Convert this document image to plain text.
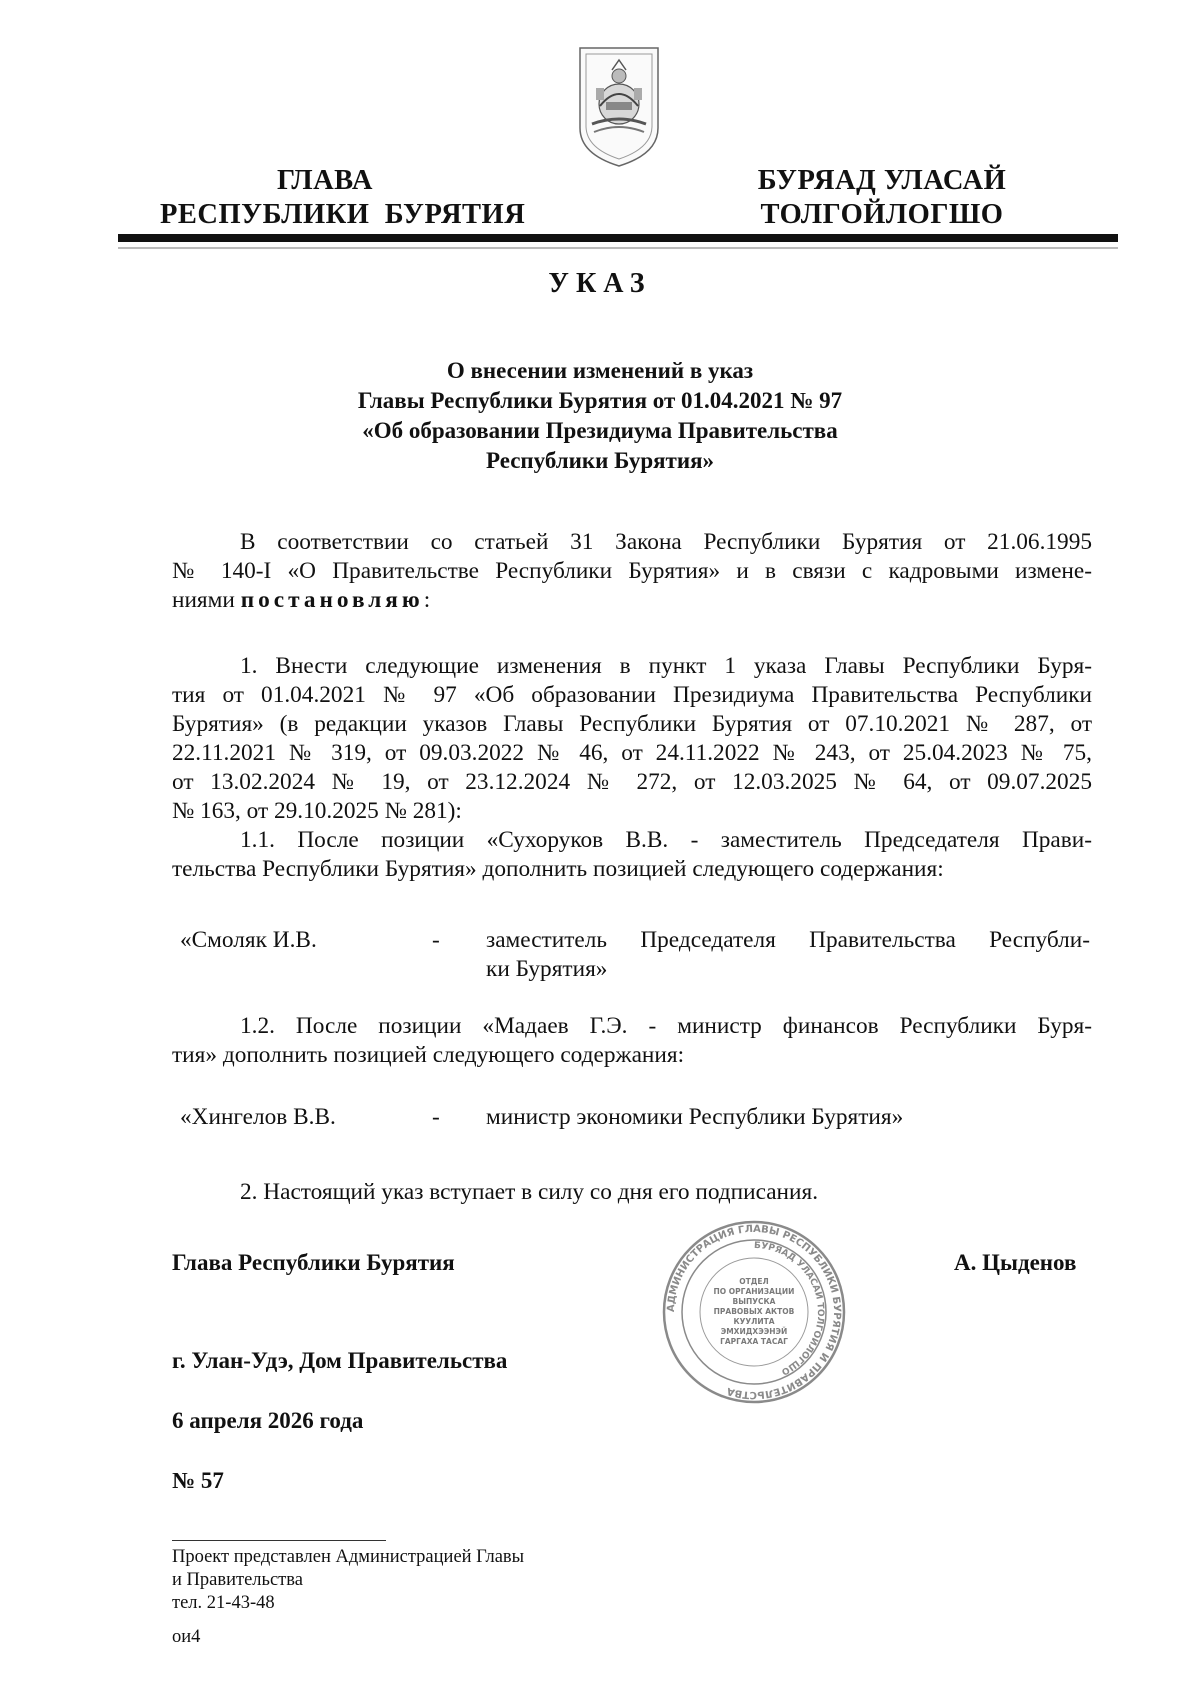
ГЛАВА
РЕСПУБЛИКИ  БУРЯТИЯ
БУРЯАД УЛАСАЙ
ТОЛГОЙЛОГШО
УКАЗ
О внесении изменений в указ
Главы Республики Бурятия от 01.04.2021 № 97
«Об образовании Президиума Правительства
Республики Бурятия»
В соответствии со статьей 31 Закона Республики Бурятия от 21.06.1995
№ 140-I «О Правительстве Республики Бурятия» и в связи с кадровыми измене-
ниями постановляю:
1. Внести следующие изменения в пункт 1 указа Главы Республики Буря-
тия от 01.04.2021 № 97 «Об образовании Президиума Правительства Республики
Бурятия» (в редакции указов Главы Республики Бурятия от 07.10.2021 № 287, от
22.11.2021 № 319, от 09.03.2022 № 46, от 24.11.2022 № 243, от 25.04.2023 № 75,
от 13.02.2024 № 19, от 23.12.2024 № 272, от 12.03.2025 № 64, от 09.07.2025
№ 163, от 29.10.2025 № 281):
1.1. После позиции «Сухоруков В.В. - заместитель Председателя Прави-
тельства Республики Бурятия» дополнить позицией следующего содержания:
«Смоляк И.В.	- заместитель Председателя Правительства Республи-
ки Бурятия»
1.2. После позиции «Мадаев Г.Э. - министр финансов Республики Буря-
тия» дополнить позицией следующего содержания:
«Хингелов В.В.	- министр экономики Республики Бурятия»
2. Настоящий указ вступает в силу со дня его подписания.
АДМИНИСТРАЦИЯ ГЛАВЫ РЕСПУБЛИКИ БУРЯТИЯ И ПРАВИТЕЛЬСТВА
БУРЯАД УЛАСАЙ ТОЛГОЙЛОГШО
ОТДЕЛ
ПО ОРГАНИЗАЦИИ
ВЫПУСКА
ПРАВОВЫХ АКТОВ
КУУЛИТА
ЭМХИДХЭЭНЭЙ
ГАРГАХА ТАСАГ
Глава Республики Бурятия	А. Цыденов
г. Улан-Удэ, Дом Правительства
6 апреля 2026 года
№ 57
Проект представлен Администрацией Главы
и Правительства
тел. 21-43-48
ои4
